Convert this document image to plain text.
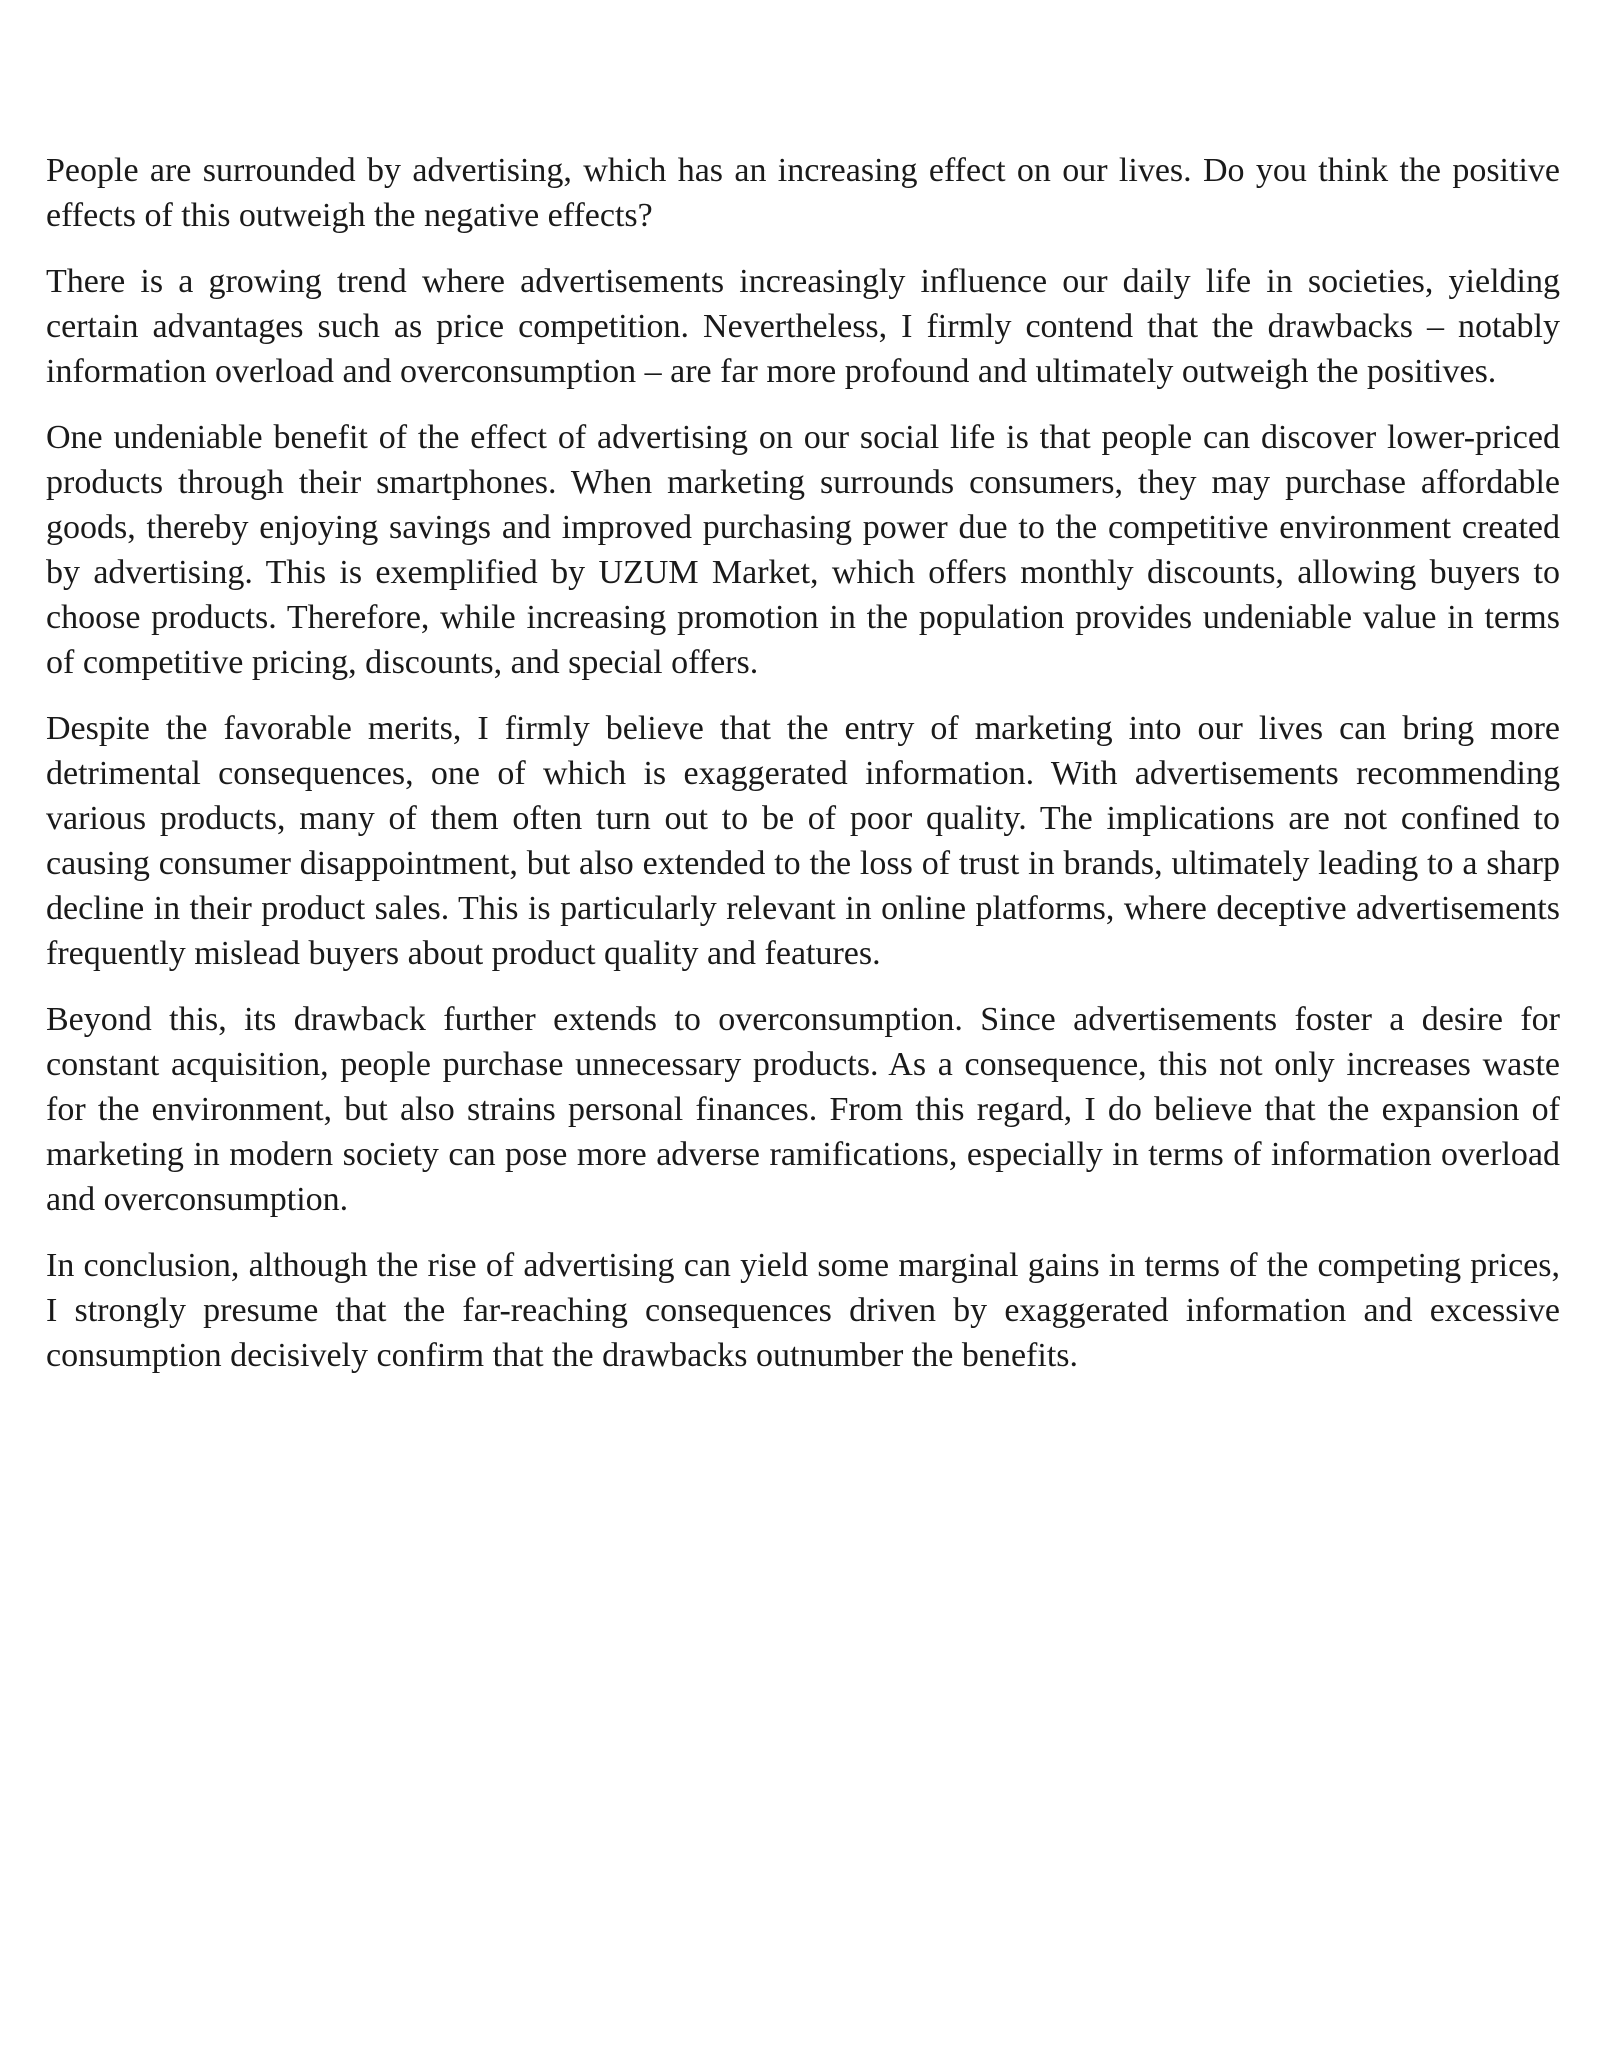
People are surrounded by advertising, which has an increasing effect on our lives. Do you think the positive effects of this outweigh the negative effects?

There is a growing trend where advertisements increasingly influence our daily life in societies, yielding certain advantages such as price competition. Nevertheless, I firmly contend that the drawbacks – notably information overload and overconsumption – are far more profound and ultimately outweigh the positives.

One undeniable benefit of the effect of advertising on our social life is that people can discover lower-priced products through their smartphones. When marketing surrounds consumers, they may purchase affordable goods, thereby enjoying savings and improved purchasing power due to the competitive environment created by advertising. This is exemplified by UZUM Market, which offers monthly discounts, allowing buyers to choose products. Therefore, while increasing promotion in the population provides undeniable value in terms of competitive pricing, discounts, and special offers.

Despite the favorable merits, I firmly believe that the entry of marketing into our lives can bring more detrimental consequences, one of which is exaggerated information. With advertisements recommending various products, many of them often turn out to be of poor quality. The implications are not confined to causing consumer disappointment, but also extended to the loss of trust in brands, ultimately leading to a sharp decline in their product sales. This is particularly relevant in online platforms, where deceptive advertisements frequently mislead buyers about product quality and features.

Beyond this, its drawback further extends to overconsumption. Since advertisements foster a desire for constant acquisition, people purchase unnecessary products. As a consequence, this not only increases waste for the environment, but also strains personal finances. From this regard, I do believe that the expansion of marketing in modern society can pose more adverse ramifications, especially in terms of information overload and overconsumption.

In conclusion, although the rise of advertising can yield some marginal gains in terms of the competing prices, I strongly presume that the far-reaching consequences driven by exaggerated information and excessive consumption decisively confirm that the drawbacks outnumber the benefits.
